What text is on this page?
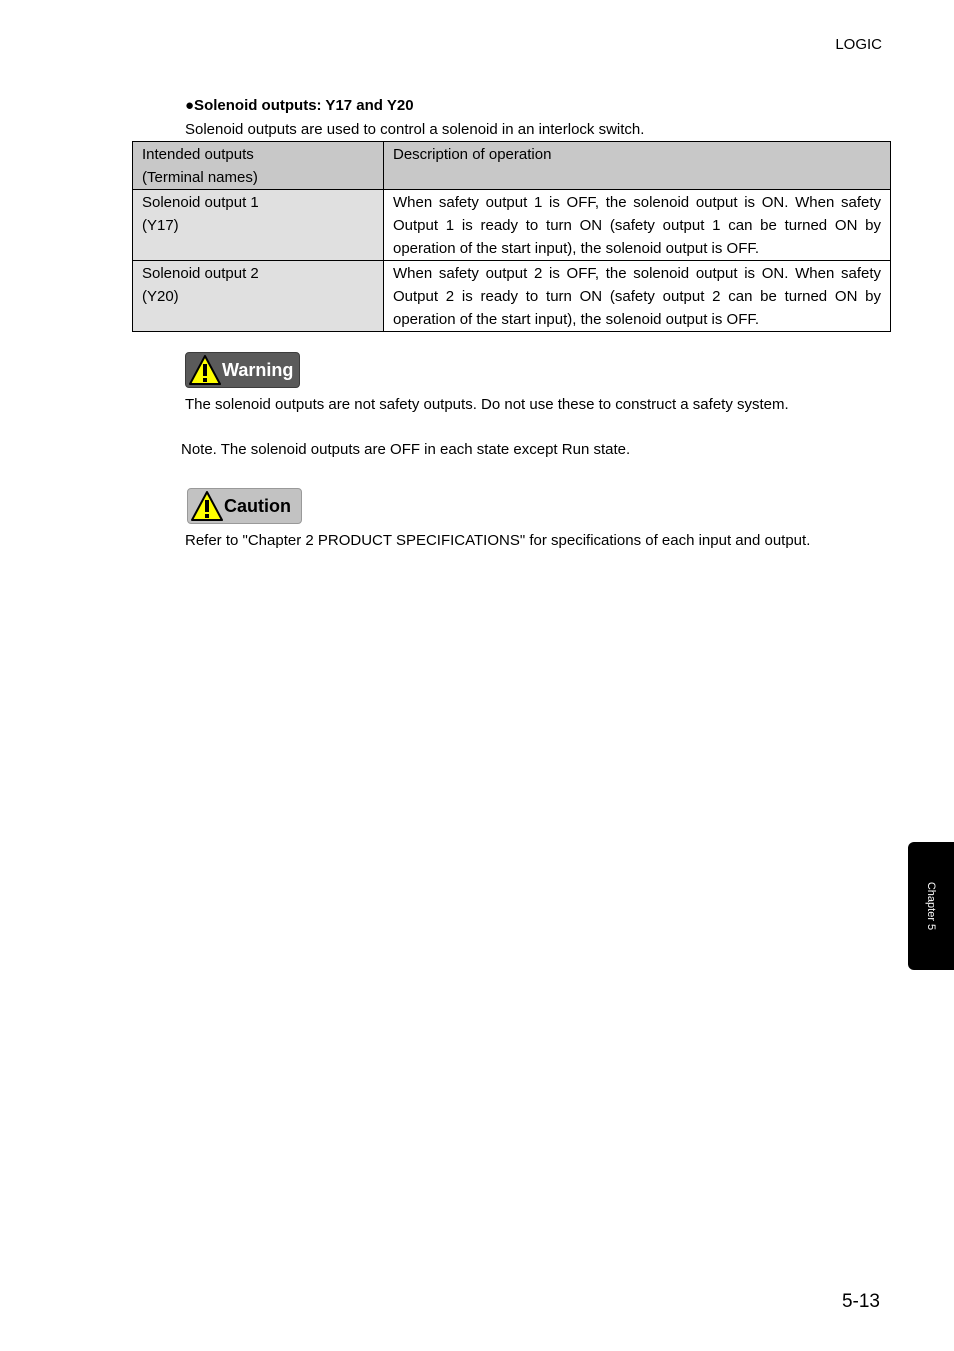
LOGIC
●Solenoid outputs: Y17 and Y20
Solenoid outputs are used to control a solenoid in an interlock switch.
Intended outputs
(Terminal names)	Description of operation

Solenoid output 1
(Y17)	When safety output 1 is OFF, the solenoid output is ON. When safety Output 1 is ready to turn ON (safety output 1 can be turned ON by operation of the start input), the solenoid output is OFF.

Solenoid output 2
(Y20)	When safety output 2 is OFF, the solenoid output is ON. When safety Output 2 is ready to turn ON (safety output 2 can be turned ON by operation of the start input), the solenoid output is OFF.
Warning
The solenoid outputs are not safety outputs. Do not use these to construct a safety system.
Note. The solenoid outputs are OFF in each state except Run state.
Caution
Refer to "Chapter 2 PRODUCT SPECIFICATIONS" for specifications of each input and output.
Chapter 5
5-13
